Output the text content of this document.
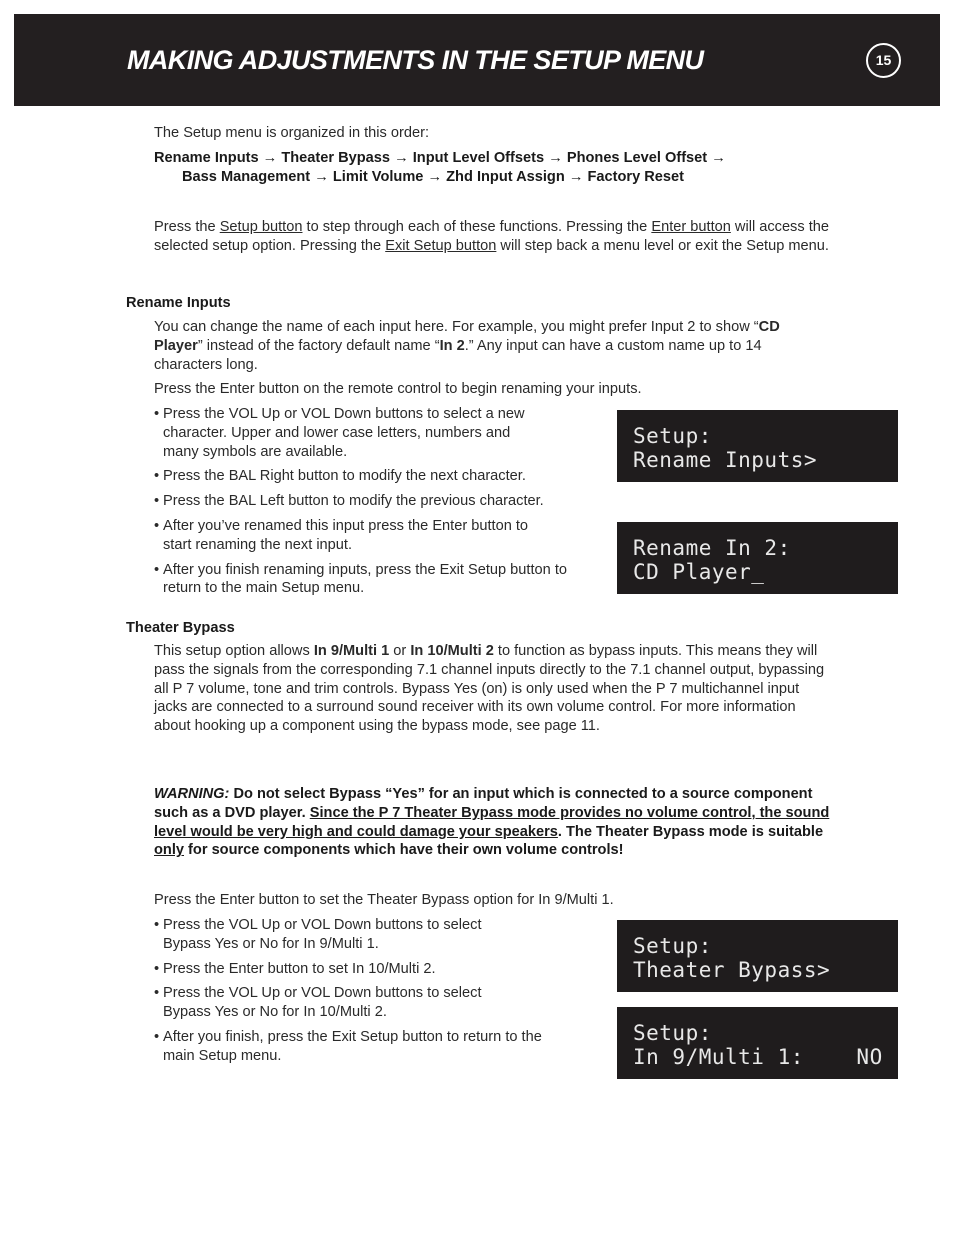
MAKING ADJUSTMENTS IN THE SETUP MENU	15
The Setup menu is organized in this order:
Rename Inputs → Theater Bypass → Input Level Offsets → Phones Level Offset →
Bass Management → Limit Volume → Zhd Input Assign → Factory Reset
Press the Setup button to step through each of these functions. Pressing the Enter button will access the selected setup option. Pressing the Exit Setup button will step back a menu level or exit the Setup menu.
Rename Inputs
You can change the name of each input here. For example, you might prefer Input 2 to show “CD Player” instead of the factory default name “In 2.” Any input can have a custom name up to 14 characters long.
Press the Enter button on the remote control to begin renaming your inputs.
• Press the VOL Up or VOL Down buttons to select a new character. Upper and lower case letters, numbers and many symbols are available.
• Press the BAL Right button to modify the next character.
• Press the BAL Left button to modify the previous character.
• After you’ve renamed this input press the Enter button to start renaming the next input.
• After you finish renaming inputs, press the Exit Setup button to return to the main Setup menu.
Setup:
Rename Inputs>
Rename In 2:
CD Player_
Theater Bypass
This setup option allows In 9/Multi 1 or In 10/Multi 2 to function as bypass inputs. This means they will pass the signals from the corresponding 7.1 channel inputs directly to the 7.1 channel output, bypassing all P 7 volume, tone and trim controls. Bypass Yes (on) is only used when the P 7 multichannel input jacks are connected to a surround sound receiver with its own volume control. For more information about hooking up a component using the bypass mode, see page 11.
WARNING: Do not select Bypass “Yes” for an input which is connected to a source component such as a DVD player. Since the P 7 Theater Bypass mode provides no volume control, the sound level would be very high and could damage your speakers. The Theater Bypass mode is suitable only for source components which have their own volume controls!
Press the Enter button to set the Theater Bypass option for In 9/Multi 1.
• Press the VOL Up or VOL Down buttons to select Bypass Yes or No for In 9/Multi 1.
• Press the Enter button to set In 10/Multi 2.
• Press the VOL Up or VOL Down buttons to select Bypass Yes or No for In 10/Multi 2.
• After you finish, press the Exit Setup button to return to the main Setup menu.
Setup:
Theater Bypass>
Setup:
In 9/Multi 1:    NO
